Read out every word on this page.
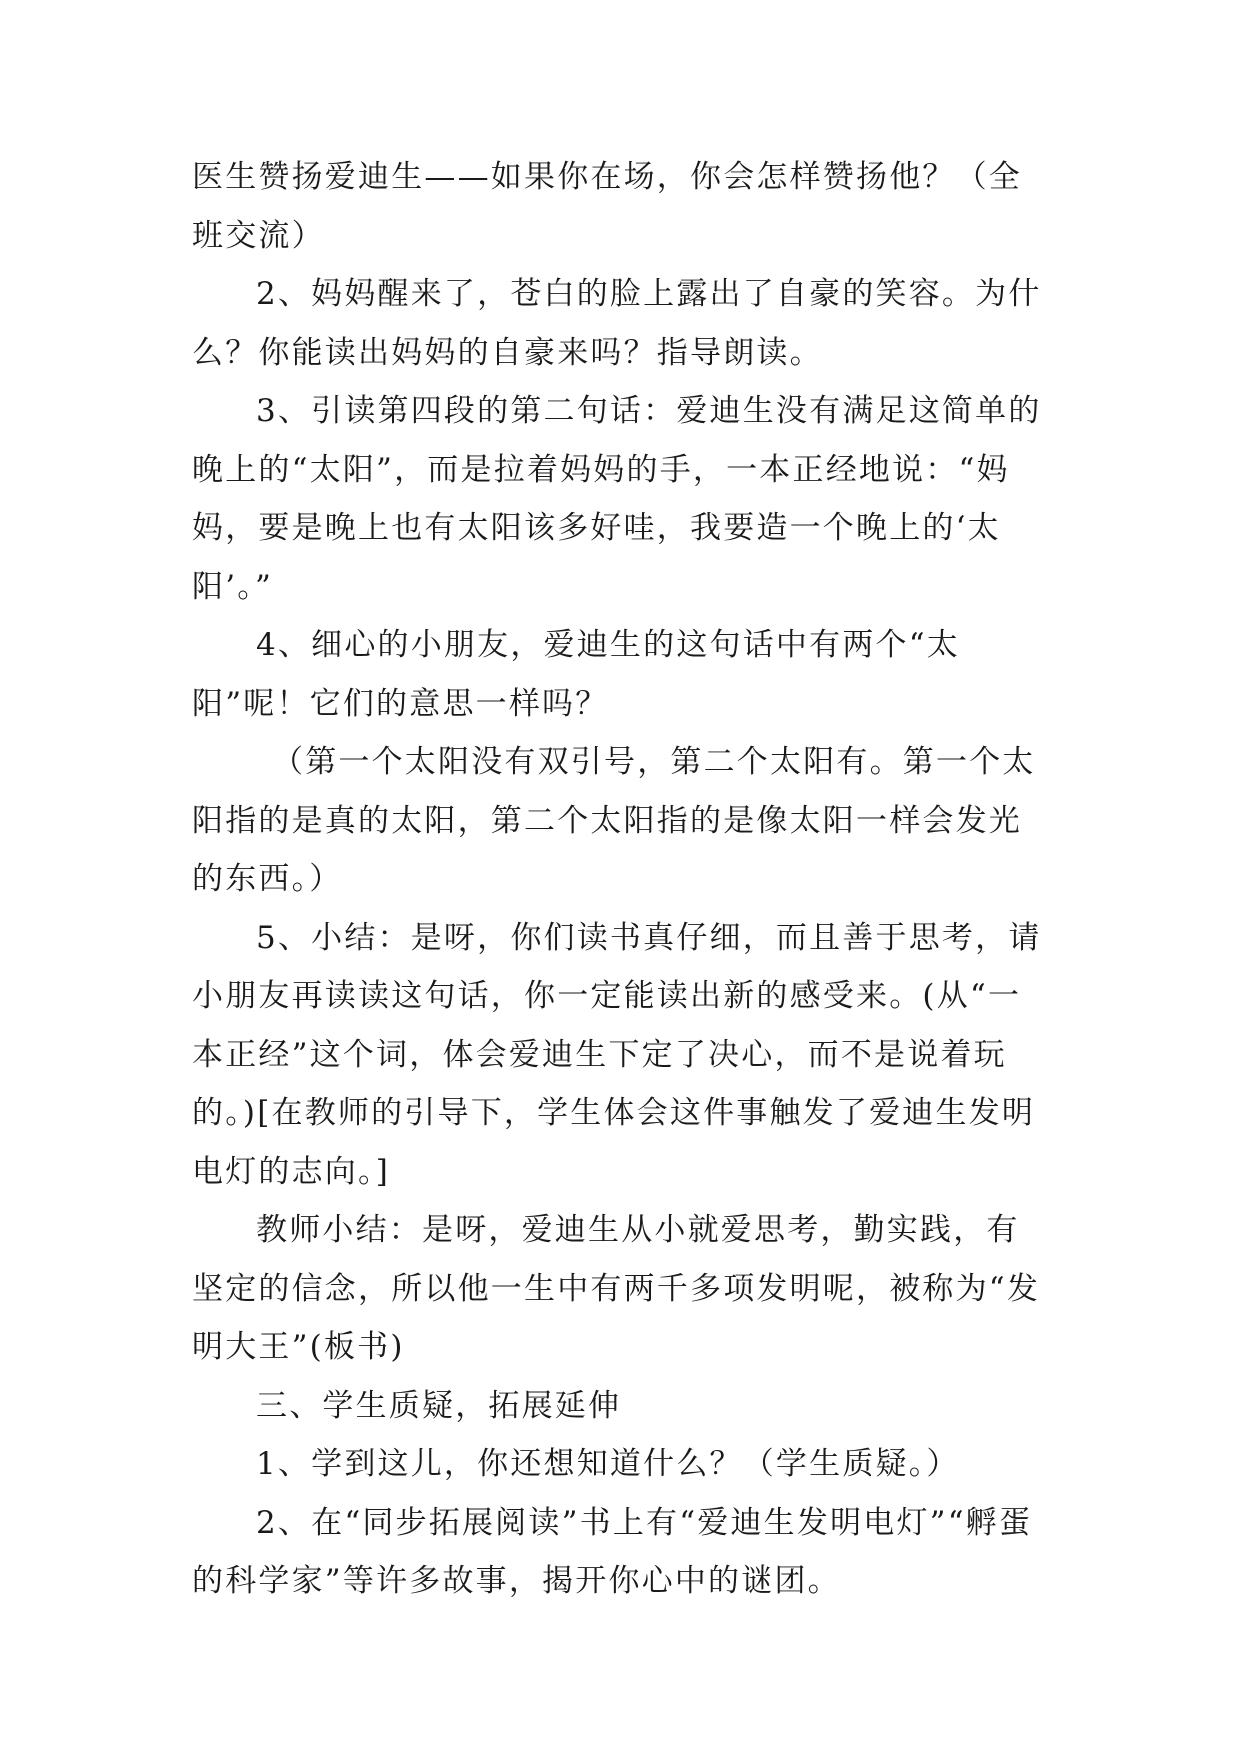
医生赞扬爱迪生——如果你在场，你会怎样赞扬他？（全班交流）

2、妈妈醒来了，苍白的脸上露出了自豪的笑容。为什么？你能读出妈妈的自豪来吗？指导朗读。

3、引读第四段的第二句话：爱迪生没有满足这简单的晚上的“太阳”，而是拉着妈妈的手，一本正经地说：“妈妈，要是晚上也有太阳该多好哇，我要造一个晚上的‘太阳’。”

4、细心的小朋友，爱迪生的这句话中有两个“太阳”呢！它们的意思一样吗？

（第一个太阳没有双引号，第二个太阳有。第一个太阳指的是真的太阳，第二个太阳指的是像太阳一样会发光的东西。）

5、小结：是呀，你们读书真仔细，而且善于思考，请小朋友再读读这句话，你一定能读出新的感受来。(从“一本正经”这个词，体会爱迪生下定了决心，而不是说着玩的。)[在教师的引导下，学生体会这件事触发了爱迪生发明电灯的志向。]

教师小结：是呀，爱迪生从小就爱思考，勤实践，有坚定的信念，所以他一生中有两千多项发明呢，被称为“发明大王”(板书)

三、学生质疑，拓展延伸

1、学到这儿，你还想知道什么？（学生质疑。）

2、在“同步拓展阅读”书上有“爱迪生发明电灯”“孵蛋的科学家”等许多故事，揭开你心中的谜团。
